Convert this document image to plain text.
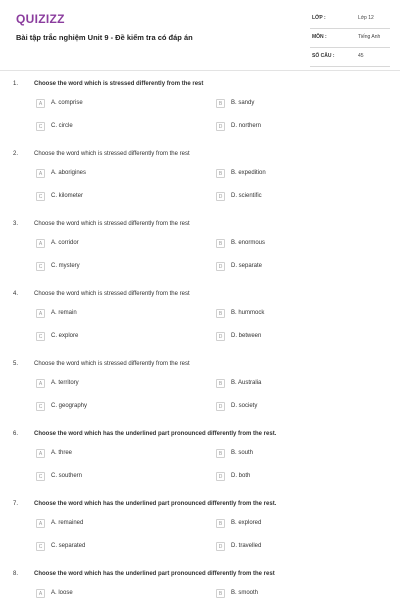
QUIZIZZ
Bài tập trắc nghiệm Unit 9 - Đề kiểm tra có đáp án
LỚP :	Lớp 12
MÔN :	Tiếng Anh
SỐ CÂU :	45
1.	Choose the word which is stressed differently from the rest
A	A. comprise	B	B. sandy
C	C. circle	D	D. northern
2.	Choose the word which is stressed differently from the rest
A	A. aborigines	B	B. expedition
C	C. kilometer	D	D. scientific
3.	Choose the word which is stressed differently from the rest
A	A. corridor	B	B. enormous
C	C. mystery	D	D. separate
4.	Choose the word which is stressed differently from the rest
A	A. remain	B	B. hummock
C	C. explore	D	D. between
5.	Choose the word which is stressed differently from the rest
A	A. territory	B	B. Australia
C	C. geography	D	D. society
6.	Choose the word which has the underlined part pronounced differently from the rest.
A	A. three	B	B. south
C	C. southern	D	D. both
7.	Choose the word which has the underlined part pronounced differently from the rest.
A	A. remained	B	B. explored
C	C. separated	D	D. travelled
8.	Choose the word which has the underlined part pronounced differently from the rest
A	A. loose	B	B. smooth
